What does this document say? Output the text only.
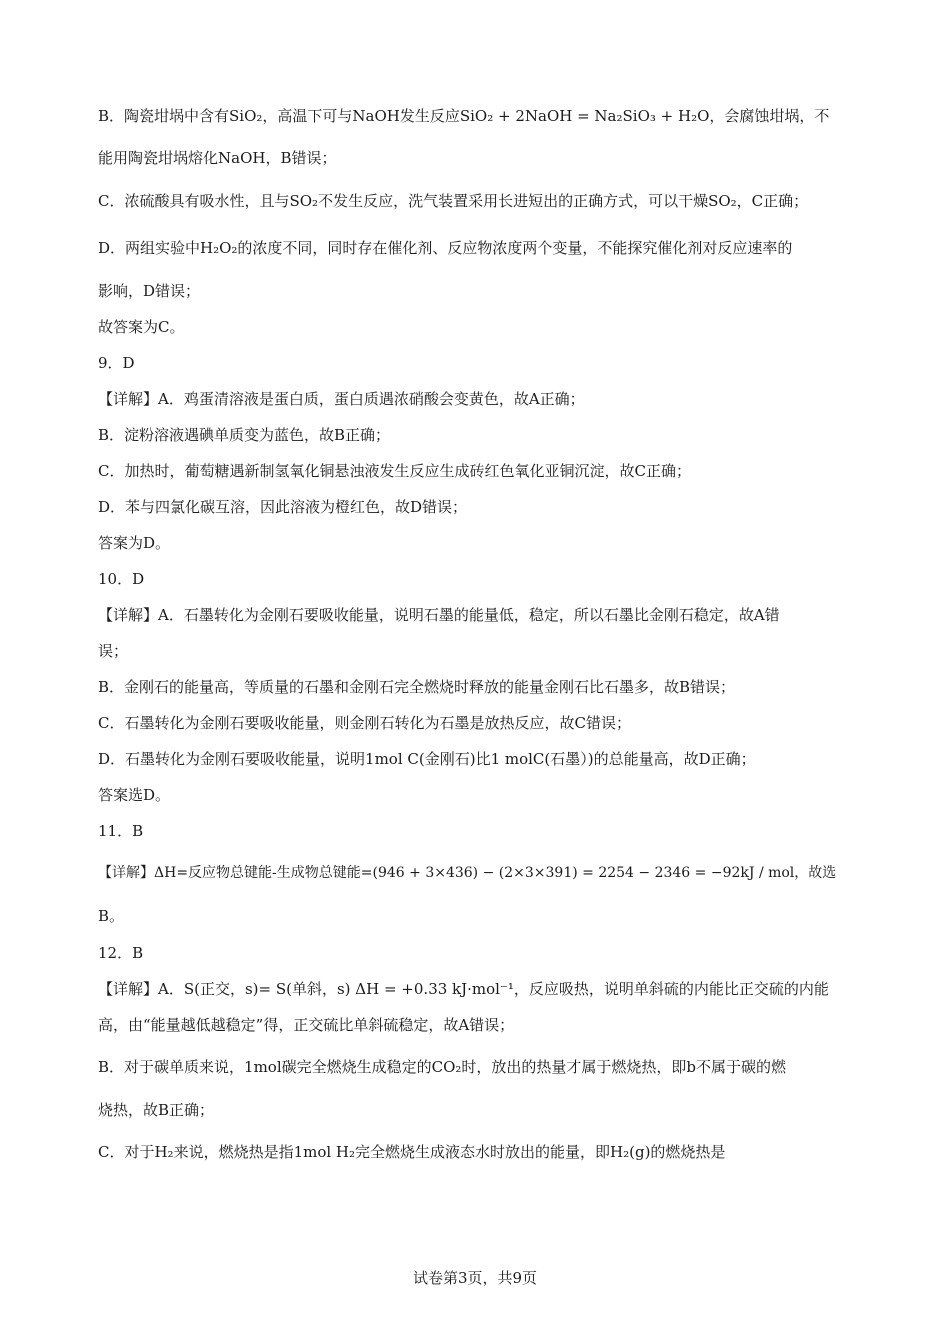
B．陶瓷坩埚中含有SiO₂，高温下可与NaOH发生反应SiO₂ + 2NaOH = Na₂SiO₃ + H₂O，会腐蚀坩埚，不
能用陶瓷坩埚熔化NaOH，B错误；
C．浓硫酸具有吸水性，且与SO₂不发生反应，洗气装置采用长进短出的正确方式，可以干燥SO₂，C正确；
D．两组实验中H₂O₂的浓度不同，同时存在催化剂、反应物浓度两个变量，不能探究催化剂对反应速率的
影响，D错误；
故答案为C。
9．D
【详解】A．鸡蛋清溶液是蛋白质，蛋白质遇浓硝酸会变黄色，故A正确；
B．淀粉溶液遇碘单质变为蓝色，故B正确；
C．加热时，葡萄糖遇新制氢氧化铜悬浊液发生反应生成砖红色氧化亚铜沉淀，故C正确；
D．苯与四氯化碳互溶，因此溶液为橙红色，故D错误；
答案为D。
10．D
【详解】A．石墨转化为金刚石要吸收能量，说明石墨的能量低，稳定，所以石墨比金刚石稳定，故A错
误；
B．金刚石的能量高，等质量的石墨和金刚石完全燃烧时释放的能量金刚石比石墨多，故B错误；
C．石墨转化为金刚石要吸收能量，则金刚石转化为石墨是放热反应，故C错误；
D．石墨转化为金刚石要吸收能量，说明1mol C(金刚石)比1 molC(石墨）)的总能量高，故D正确；
答案选D。
11．B
【详解】ΔH=反应物总键能-生成物总键能=(946 + 3×436) − (2×3×391) = 2254 − 2346 = −92kJ / mol，故选
B。
12．B
【详解】A．S(正交，s)= S(单斜，s) ΔH = +0.33 kJ·mol⁻¹，反应吸热，说明单斜硫的内能比正交硫的内能
高，由“能量越低越稳定”得，正交硫比单斜硫稳定，故A错误；
B．对于碳单质来说，1mol碳完全燃烧生成稳定的CO₂时，放出的热量才属于燃烧热，即b不属于碳的燃
烧热，故B正确；
C．对于H₂来说，燃烧热是指1mol H₂完全燃烧生成液态水时放出的能量，即H₂(g)的燃烧热是
试卷第3页，共9页
